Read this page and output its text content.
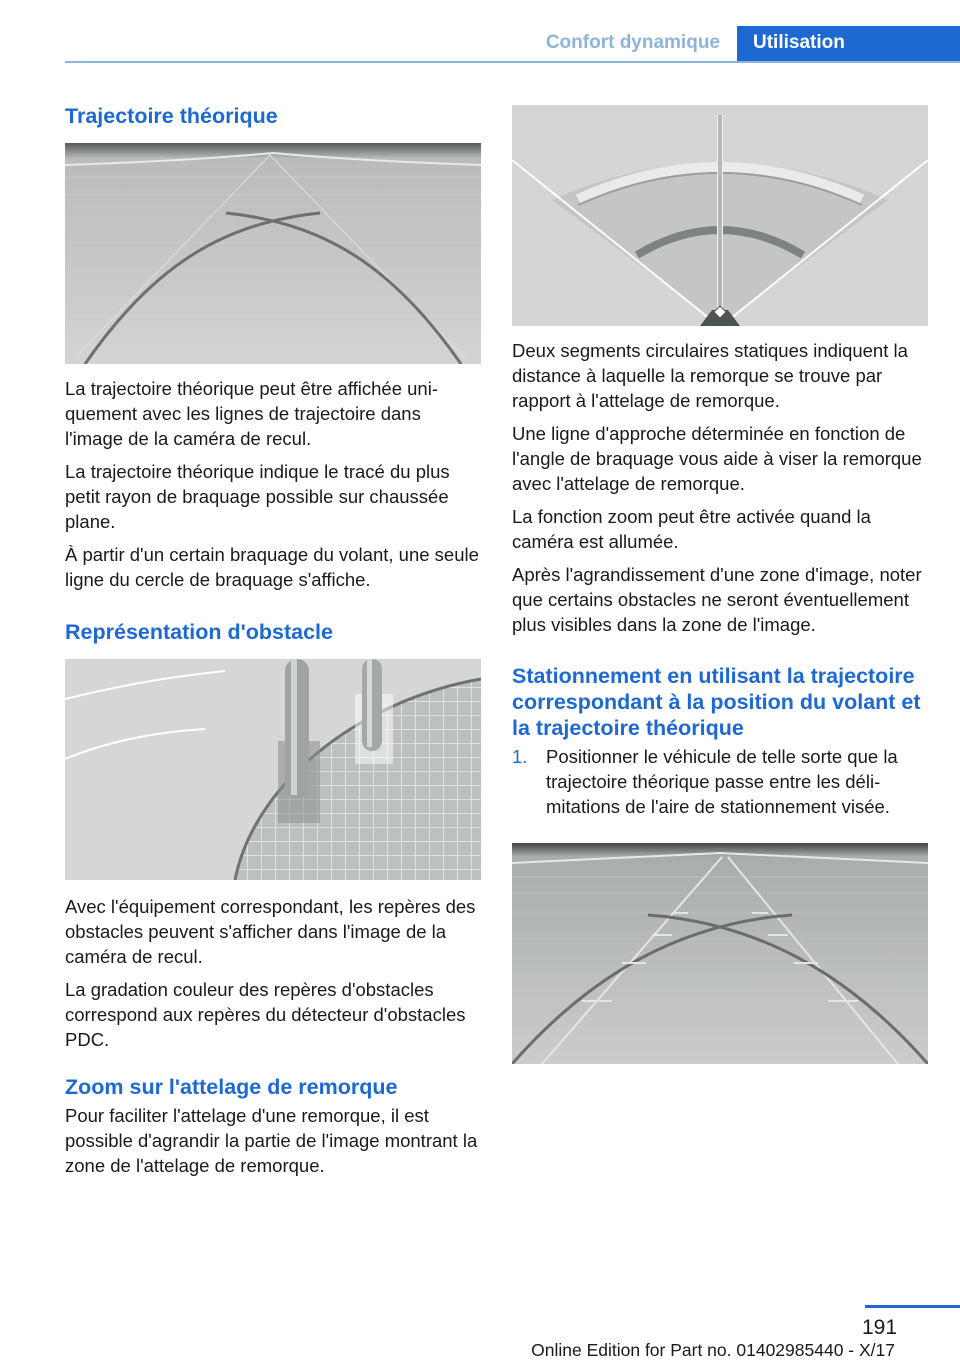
Confort dynamique	Utilisation
Trajectoire théorique

La trajectoire théorique peut être affichée uniquement avec les lignes de trajectoire dans l'image de la caméra de recul.

La trajectoire théorique indique le tracé du plus petit rayon de braquage possible sur chaussée plane.

À partir d'un certain braquage du volant, une seule ligne du cercle de braquage s'affiche.

Représentation d'obstacle

Avec l'équipement correspondant, les repères des obstacles peuvent s'afficher dans l'image de la caméra de recul.

La gradation couleur des repères d'obstacles correspond aux repères du détecteur d'obstacles PDC.

Zoom sur l'attelage de remorque

Pour faciliter l'attelage d'une remorque, il est possible d'agrandir la partie de l'image montrant la zone de l'attelage de remorque.

Deux segments circulaires statiques indiquent la distance à laquelle la remorque se trouve par rapport à l'attelage de remorque.

Une ligne d'approche déterminée en fonction de l'angle de braquage vous aide à viser la remorque avec l'attelage de remorque.

La fonction zoom peut être activée quand la caméra est allumée.

Après l'agrandissement d'une zone d'image, noter que certains obstacles ne seront éventuellement plus visibles dans la zone de l'image.

Stationnement en utilisant la trajectoire correspondant à la position du volant et la trajectoire théorique
1. Positionner le véhicule de telle sorte que la trajectoire théorique passe entre les délimitations de l'aire de stationnement visée.
191
Online Edition for Part no. 01402985440 - X/17
